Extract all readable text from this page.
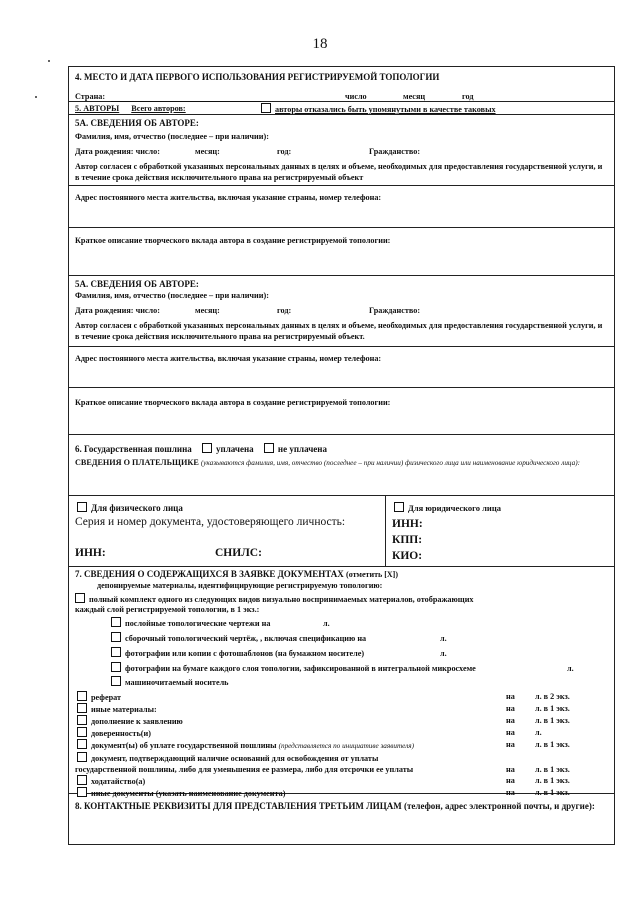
18
4. МЕСТО И ДАТА ПЕРВОГО ИСПОЛЬЗОВАНИЯ РЕГИСТРИРУЕМОЙ ТОПОЛОГИИ
Страна:	число	месяц	год
5. АВТОРЫ Всего авторов:	авторы отказались быть упомянутыми в качестве таковых
5А. СВЕДЕНИЯ ОБ АВТОРЕ:
Фамилия, имя, отчество (последнее – при наличии):
Дата рождения: число:	месяц:	год:	Гражданство:
Автор согласен с обработкой указанных персональных данных в целях и объеме, необходимых для предоставления государственной услуги, и в течение срока действия исключительного права на регистрируемый объект
Адрес постоянного места жительства, включая указание страны, номер телефона:
Краткое описание творческого вклада автора в создание регистрируемой топологии:
5А. СВЕДЕНИЯ ОБ АВТОРЕ:
Фамилия, имя, отчество (последнее – при наличии):
Дата рождения: число:	месяц:	год:	Гражданство:
Автор согласен с обработкой указанных персональных данных в целях и объеме, необходимых для предоставления государственной услуги, и в течение срока действия исключительного права на регистрируемый объект.
Адрес постоянного места жительства, включая указание страны, номер телефона:
Краткое описание творческого вклада автора в создание регистрируемой топологии:
6. Государственная пошлина	уплачена	не уплачена
СВЕДЕНИЯ О ПЛАТЕЛЬЩИКЕ (указываются фамилия, имя, отчество (последнее – при наличии) физического лица или наименование юридического лица):
Для физического лица
Серия и номер документа, удостоверяющего личность:
ИНН:	СНИЛС:
Для юридического лица
ИНН:
КПП:
КИО:
7. СВЕДЕНИЯ О СОДЕРЖАЩИХСЯ В ЗАЯВКЕ ДОКУМЕНТАХ (отметить [X])
депонируемые материалы, идентифицирующие регистрируемую топологию:
полный комплект одного из следующих видов визуально воспринимаемых материалов, отображающих
каждый слой регистрируемой топологии, в 1 экз.:
послойные топологические чертежи на	л.
сборочный топологический чертёж, , включая спецификацию на	л.
фотографии или копии с фотошаблонов (на бумажном носителе)	л.
фотографии на бумаге каждого слоя топологии, зафиксированной в интегральной микросхеме	л.
машиночитаемый носитель
реферат	на л. в 2 экз.
иные материалы:	на л. в 1 экз.
дополнение к заявлению	на л. в 1 экз.
доверенность(и)	на л.
документ(ы) об уплате государственной пошлины (представляется по инициативе заявителя)	на л. в 1 экз.
документ, подтверждающий наличие оснований для освобождения от уплаты
государственной пошлины, либо для уменьшения ее размера, либо для отсрочки ее уплаты	на л. в 1 экз.
ходатайство(а)	на л. в 1 экз.
иные документы (указать наименование документа)	на л. в 1 экз.
8. КОНТАКТНЫЕ РЕКВИЗИТЫ ДЛЯ ПРЕДСТАВЛЕНИЯ ТРЕТЬИМ ЛИЦАМ (телефон, адрес электронной почты, и другие):
